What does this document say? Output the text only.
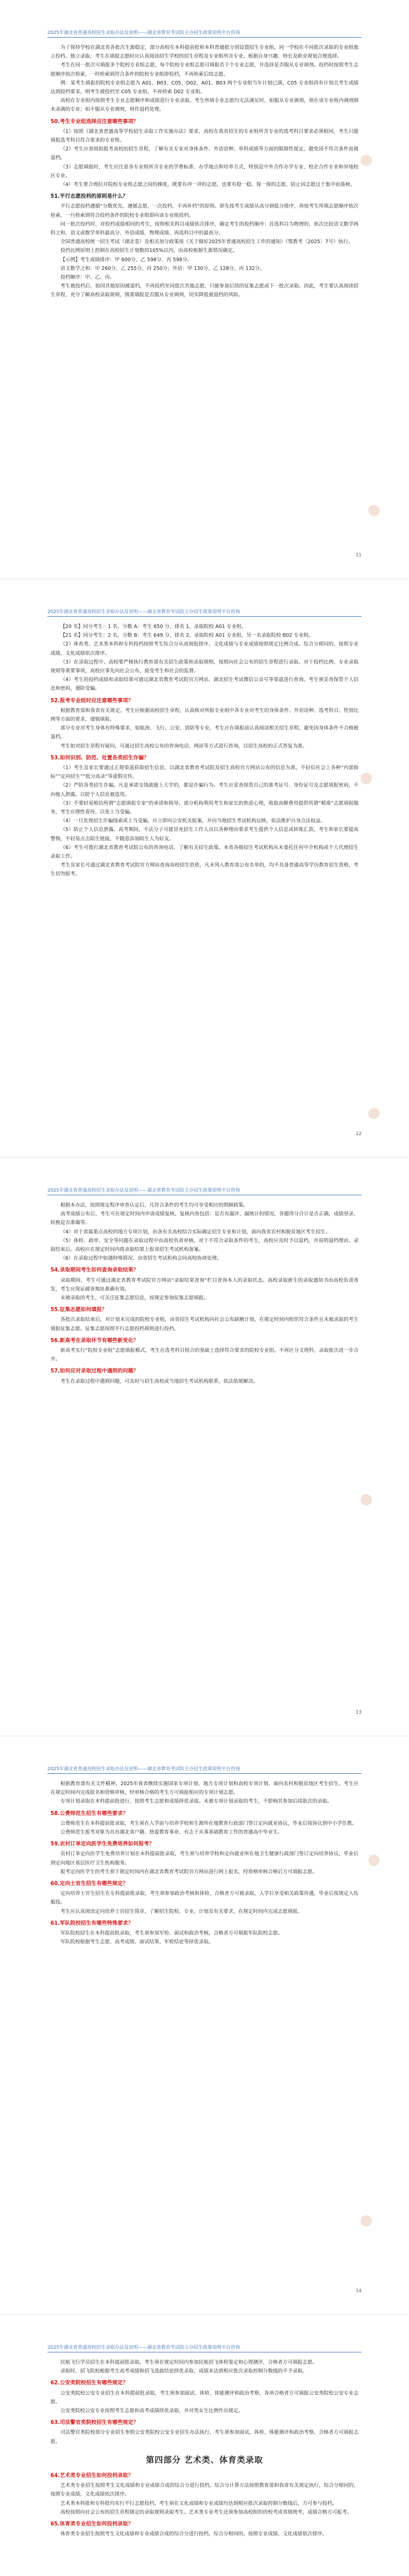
2025年湖北省普通高校招生录取办法及说明——湖北省教育考试院主办招生政策说明平台咨询

为了保持学校在湖北省各批次生源稳定，部分高校在本科提前批和本科普通批分别设置招生专业组，同一学校在不同批次录取的专业组独立投档、独立录取。考生在填报志愿时应认真阅读招生学校的招生章程及专业组所含专业，根据自身兴趣、特长及职业规划合理选择。

考生在同一批次可填报多个院校专业组志愿，每个院校专业组志愿可填报若干个专业志愿，并选择是否服从专业调剂。投档时按照考生志愿顺序依次检索，一经检索到符合条件的院校专业组即投档，不再检索后续志愿。

例：某考生填报的院校专业组志愿为 A01、B03、C05、D02，A01、B03 两个专业组当年计划已满，C05 专业组尚有计划且考生成绩达到投档要求，则考生被投档至 C05 专业组，不再检索 D02 专业组。

高校在专业组内按照考生专业志愿顺序和成绩进行专业录取。考生所填专业志愿均无法满足时，如服从专业调剂，则在该专业组内调剂到未录满的专业；如不服从专业调剂，则作退档处理。

50.考生专业组选择应注意哪些事项？

（1）按照《湖北省普通高等学校招生录取工作实施办法》要求，高校在我省招生的专业组所含专业的选考科目要求必须相同，考生只能填报选考科目符合要求的专业组。

（2）考生应查阅拟报考高校的招生章程，了解有关专业对身体条件、外语语种、单科成绩等方面的限制性规定，避免因不符合条件而被退档。

（3）志愿填报时，考生应注意各专业组所含专业的学费标准、办学地点和培养方式，特别是中外合作办学专业、校企合作专业和异地校区专业。

（4）考生要合理拉开院校专业组志愿之间的梯度，既要有冲一冲的志愿，也要有稳一稳、保一保的志愿，防止因志愿过于集中而落榜。

51.平行志愿投档的原则是什么？

平行志愿投档遵循“分数优先、遵循志愿、一次投档、不再补档”的原则。即先按考生成绩从高分到低分排序，再按考生所填志愿顺序依次检索，一旦检索到符合投档条件的院校专业组即向该专业组投档。

同一批次投档时，对投档成绩相同的考生，按照相关科目成绩依次排序，确定考生的投档顺序：首选科目为物理的，依次比较语文数学两科之和、语文或数学单科最高分、外语成绩、物理成绩、再选科目中的最高分。

全国普通高校统一招生考试（湖北卷）及相关加分政策按《关于做好2025年普通高校招生工作的通知》（鄂教考〔2025〕7号）执行。

投档比例原则上控制在高校招生计划数的105%以内，由高校根据生源情况确定。

【示例】考生成绩排序：甲 600分、乙 598分、丙 598分。

语文数学之和：甲 260分、乙 255分、丙 250分；外语：甲 130分、乙 128分、丙 132分。

投档顺序：甲、乙、丙。

考生被投档后，如因其他原因被退档，不再投档至同批次其他志愿，只能参加后续的征集志愿或下一批次录取。因此，考生要认真阅读招生章程，充分了解高校录取规则，慎重填报是否服从专业调剂，切实降低被退档的风险。

11
2025年湖北省普通高校招生录取办法及说明——湖北省教育考试院主办招生政策说明平台咨询

【20 名】同分考生：1 名，分数 A：考生 650 分，排名 1，录取院校 A01 专业组。

【21 名】同分考生：2 名，分数 B：考生 649 分，排名 2，录取院校 A01 专业组，另一名录取院校 B02 专业组。

（2）体育类、艺术类本科和专科投档按照考生综合分从高到低排序，文化成绩与专业成绩按照规定比例合成。综合分相同的，按照专业成绩、文化成绩依次排序。

（3）在录取过程中，高校要严格执行教育部有关招生政策和录取规则，按照向社会公布的招生章程进行录取。对于投档比例、专业录取规则等重要事项，高校应事先向社会公布，接受考生和社会的监督。

（4）考生的投档成绩和录取结果可通过湖北省教育考试院官方网站、湖北招生考试微信公众号等渠道进行查询。考生须妥善保管个人信息和密码，谨防受骗。

52.报考专业组时应注意哪些事项？

根据教育部和我省有关规定，考生应根据高校招生章程，认真核对所报专业组中各专业对考生的身体条件、外语语种、选考科目、性别比例等方面的要求，谨慎填报。

部分专业对考生身体有特殊要求，如航海、飞行、公安、消防等专业，考生应在填报前认真阅读相关招生章程，避免因身体条件不合格被退档。

考生如对招生章程有疑问，可通过招生高校公布的咨询电话、网站等方式进行咨询，以招生高校的正式答复为准。

53.如何识别、防范、处置各类招生诈骗？

（1）考生及家长要通过正规渠道获取招生信息，以湖北省教育考试院及招生高校官方网站公布的信息为准，不轻信社会上各种“内部指标”“定向招生”“低分高录”等虚假宣传。

（2）严防各类招生诈骗。凡是承诺交钱就能上大学的，都是诈骗行为。考生应妥善保管自己的准考证号、身份证号及志愿填报密码，不向他人泄露，以防个人信息被盗用。

（3）不要轻易相信所谓“志愿填报专家”的承诺和指导。部分机构利用考生和家长的焦虑心理，收取高额费用提供所谓“精准”志愿填报服务，考生应理性看待，以免上当受骗。

（4）一旦发现招生诈骗线索或上当受骗，应立即向公安机关报案，并向当地招生考试机构反映，依法维护自身合法权益。

（5）防止个人信息泄露。高考期间，不法分子可能冒充招生工作人员以各种理由要求考生提供个人信息或转账汇款，考生和家长要提高警惕，不轻易点击陌生链接，不随意添加陌生人为好友。

（6）考生可拨打湖北省教育考试院公布的咨询电话，了解有关招生政策。本省各级招生考试机构从未委托任何中介机构或个人代理招生录取工作。

考生及家长可通过湖北省教育考试院官方网站查询高校招生资质，凡未列入教育部公布名单的，均不具备普通高等学历教育招生资格，考生切勿报考。

12
2025年湖北省普通高校招生录取办法及说明——湖北省教育考试院主办招生政策说明平台咨询

根据本办法，按照规定程序审查认定后，凡符合条件的考生均可享受相应的照顾政策。

高考成绩公布后，考生可在规定时间内申请成绩复核，复核内容包括：是否有漏评、漏统计的情况，各题得分合计是否正确，成绩登录、转换是否准确等。

（4）对于省属重点高校的地方专项计划，由各有关高校结合实际确定招生专业和计划，面向我省农村和脱贫地区考生招生。

（5）体检、政审、安全等问题在录取过程中由高校负责审核，对于不符合录取条件的考生，高校应及时予以退档，并说明退档理由。录取结束后，高校应在规定时间内将录取结果上报省招生考试机构备案。

（6）在录取过程中如遇特殊情况，由省招生考试机构会同高校协商处理。

54.录取期间考生如何查询录取结果？

录取期间，考生可通过湖北省教育考试院官方网站“录取结果查询”栏目查询本人的录取状态。高校录取新生的录取通知书由高校负责寄发，考生应保证邮寄地址准确有效。

未被录取的考生，可关注征集志愿信息，按规定参加征集志愿填报。

55.征集志愿如何填报？

各批次录取结束后，对计划未完成的院校专业组，由省招生考试机构向社会公布缺额计划，在规定时间内组织符合条件且未被录取的考生填报征集志愿。征集志愿按照平行志愿投档规则进行投档。

56.新高考在录取环节有哪些新变化？

新高考实行“院校专业组”志愿填报模式，考生在选考科目组合的基础上选择符合要求的院校专业组，不再区分文理科，录取批次进一步合并。

57.如何应对录取过程中遇到的问题？

考生在录取过程中遇到问题，可及时与招生高校或当地招生考试机构联系，依法依规解决。

13
2025年湖北省普通高校招生录取办法及说明——湖北省教育考试院主办招生政策说明平台咨询

根据教育部有关文件精神，2025年我省继续实施国家专项计划、地方专项计划和高校专项计划，面向农村和脱贫地区考生招生。考生应在规定时间内完成报名和资格审核，经审核合格的考生方可填报相应的专项计划志愿。

专项计划录取在本科提前批进行，按照考生志愿和成绩择优录取。未被专项计划录取的考生，不影响其参加后续批次的录取。

58.公费师范生招生有哪些要求？

公费师范生在本科提前批录取，考生须在入学前与培养学校和生源所在地教育行政部门签订定向就业协议，毕业后按协议到中小学任教。

公费师范生报考对象为具有湖北省户籍、热爱教育事业、有志于从事基础教育工作的普通高中毕业生。

59.农村订单定向医学生免费培养如何报考？

农村订单定向医学生免费培养计划在本科提前批录取，考生须与培养学校和定向就业所在地卫生健康行政部门签订定向培养协议，毕业后到定向地区基层医疗卫生机构服务。

报考定向医学生的考生须于规定时间内在湖北省教育考试院官方网站进行网上报名，经资格审核合格后方可填报志愿。

60.定向士官生招生有哪些规定？

定向培养士官生招生在专科提前批录取，考生须参加政治考核和体检，合格者方可被录取。入学后享受相关政策待遇，毕业后按规定入伍服役。

考生应认真阅读定向培养士官招生简章，了解招生院校、专业、计划及有关要求，在规定时间内完成志愿填报。

61.军队院校招生有哪些特殊要求？

军队院校招生在本科提前批录取，考生须参加军检、面试和政治考核，合格者方可填报军队院校志愿。

军队院校根据考生志愿、高考成绩、面试结果、军检结论等择优录取。

14
2025年湖北省普通高校招生录取办法及说明——湖北省教育考试院主办招生政策说明平台咨询

民航飞行学员招生在本科提前批录取，考生须在规定时间内参加民航招飞体检鉴定和心理测评，合格者方可填报志愿。

录取时，招飞院校根据考生高考成绩和招飞选拔结论择优录取，成绩未达到相应批次录取控制分数线的不予录取。

62.公安类院校招生有哪些规定？

公安类院校公安专业招生在本科提前批录取，考生须参加面试、体检、体能测评和政治考察，各项合格者方可填报公安类院校公安专业志愿。

公安类院校公安专业按照考生志愿和高考成绩择优录取，并对男女生比例作出规定。

63.司法警官类院校招生有哪些规定？

司法警官类院校部分专业招生参照公安类院校公安专业招生办法执行，考生须参加面试、体检、体能测评和政治考察，合格者方可填报志愿。

第四部分 艺术类、体育类录取
64.艺术类专业招生如何投档录取？

艺术类专业招生按照考生文化成绩和专业成绩合成的综合分进行投档。综合分计算方法按照教育部和我省有关规定执行，综合分相同的，按照专业成绩、文化成绩依次排序。

艺术类本科批和专科批均实行平行志愿投档，考生须在文化成绩和专业成绩均达到相应批次录取控制分数线后，方可参与投档。

高校按照向社会公布的招生章程规定的录取规则录取考生。艺术类专业考生还须参加高校组织的校考或省级统考，成绩合格方可报考。

65.体育类专业招生如何投档录取？

体育类专业招生按照考生文化成绩和专业成绩合成的综合分进行投档，综合分相同的，按照专业成绩、文化成绩依次排序。
